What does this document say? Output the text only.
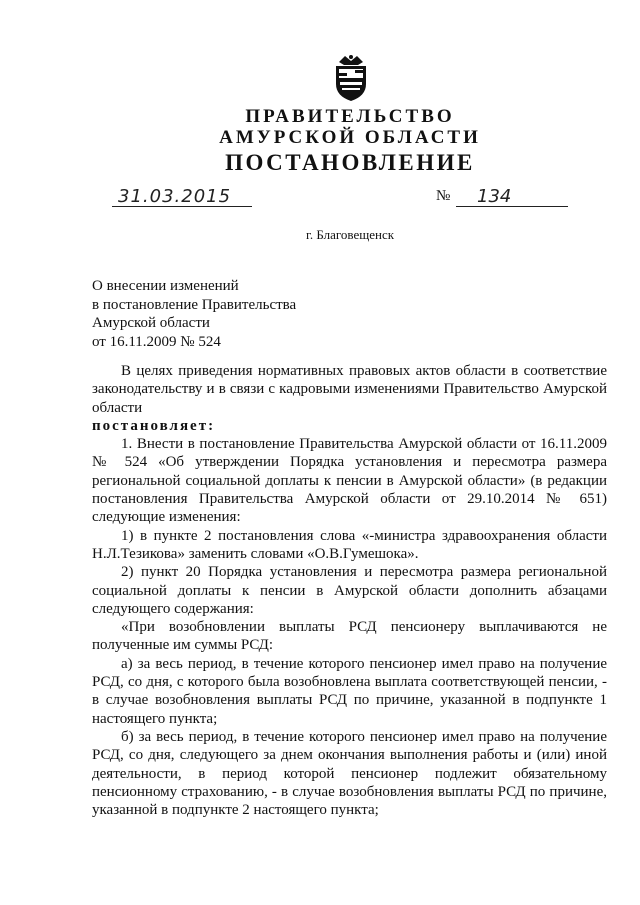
ПРАВИТЕЛЬСТВО
АМУРСКОЙ ОБЛАСТИ
ПОСТАНОВЛЕНИЕ
31.03.2015	№ 134
г. Благовещенск
О внесении изменений
в постановление Правительства
Амурской области
от 16.11.2009 № 524

В целях приведения нормативных правовых актов области в соответствие законодательству и в связи с кадровыми изменениями Правительство Амурской области

постановляет:

1. Внести в постановление Правительства Амурской области от 16.11.2009 № 524 «Об утверждении Порядка установления и пересмотра размера региональной социальной доплаты к пенсии в Амурской области» (в редакции постановления Правительства Амурской области от 29.10.2014 № 651) следующие изменения:

1) в пункте 2 постановления слова «-министра здравоохранения области Н.Л.Тезикова» заменить словами «О.В.Гумешока».

2) пункт 20 Порядка установления и пересмотра размера региональной социальной доплаты к пенсии в Амурской области дополнить абзацами следующего содержания:

«При возобновлении выплаты РСД пенсионеру выплачиваются не полученные им суммы РСД:

а) за весь период, в течение которого пенсионер имел право на получение РСД, со дня, с которого была возобновлена выплата соответствующей пенсии, - в случае возобновления выплаты РСД по причине, указанной в подпункте 1 настоящего пункта;

б) за весь период, в течение которого пенсионер имел право на получение РСД, со дня, следующего за днем окончания выполнения работы и (или) иной деятельности, в период которой пенсионер подлежит обязательному пенсионному страхованию, - в случае возобновления выплаты РСД по причине, указанной в подпункте 2 настоящего пункта;
